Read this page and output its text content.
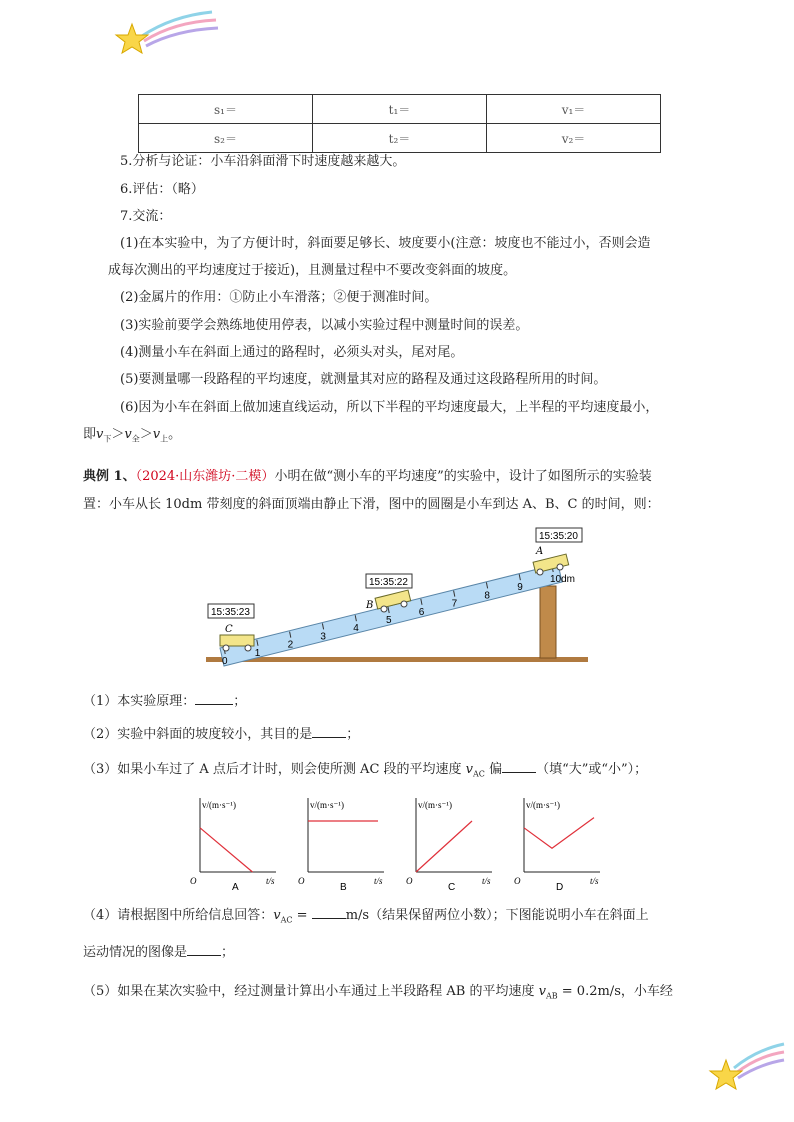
s₁＝	t₁＝	v₁＝
s₂＝	t₂＝	v₂＝
5.分析与论证：小车沿斜面滑下时速度越来越大。
6.评估：（略）
7.交流：
(1)在本实验中，为了方便计时，斜面要足够长、坡度要小(注意：坡度也不能过小，否则会造
成每次测出的平均速度过于接近)，且测量过程中不要改变斜面的坡度。
(2)金属片的作用：①防止小车滑落；②便于测准时间。
(3)实验前要学会熟练地使用停表，以减小实验过程中测量时间的误差。
(4)测量小车在斜面上通过的路程时，必须头对头，尾对尾。
(5)要测量哪一段路程的平均速度，就测量其对应的路程及通过这段路程所用的时间。
(6)因为小车在斜面上做加速直线运动，所以下半程的平均速度最大，上半程的平均速度最小，
即$v_下>v_全>v_上$。
典例 1、（2024·山东潍坊·二模）小明在做“测小车的平均速度”的实验中，设计了如图所示的实验装
置：小车从长 10dm 带刻度的斜面顶端由静止下滑，图中的圆圈是小车到达 A、B、C 的时间，则：
0
1
2
3
4
5
6
7
8
9
10dm
15:35:23
15:35:22
15:35:20
C
B
A
（1）本实验原理：	；
（2）实验中斜面的坡度较小，其目的是	；
（3）如果小车过了 A 点后才计时，则会使所测 AC 段的平均速度 $v_{AC}$ 偏	（填“大”或“小”）；
v/(m·s⁻¹)
t/s
O
A
v/(m·s⁻¹)
t/s
O
B
v/(m·s⁻¹)
t/s
O
C
v/(m·s⁻¹)
t/s
O
D
（4）请根据图中所给信息回答：$v_{AC}$ =	m/s（结果保留两位小数）；下图能说明小车在斜面上
运动情况的图像是	；
（5）如果在某次实验中，经过测量计算出小车通过上半段路程 AB 的平均速度 $v_{AB} = 0.2m/s$，小车经
